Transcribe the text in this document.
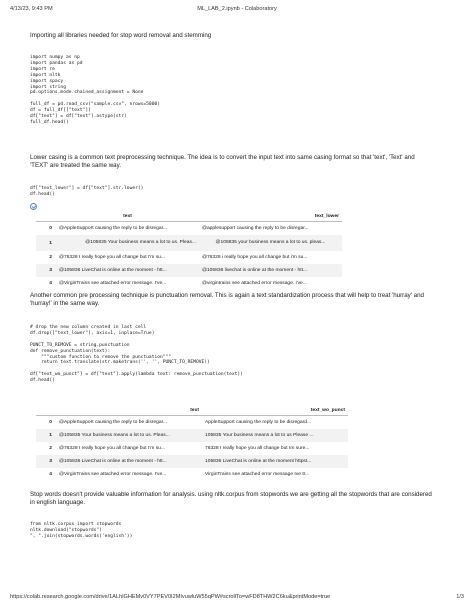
4/13/23, 9:43 PM	ML_LAB_2.ipynb - Colaboratory
Importing all libraries needed for stop word removal and stemming
import numpy as np
import pandas as pd
import re
import nltk
import spacy
import string
pd.options.mode.chained_assignment = None

full_df = pd.read_csv("sample.csv", nrows=5000)
df = full_df[["text"]]
df["text"] = df["text"].astype(str)
full_df.head()
Lower casing is a common text preprocessing technique. The idea is to convert the input text into same casing format so that 'text', 'Text' and 'TEXT' are treated the same way.
df["text_lower"] = df["text"].str.lower()
df.head()
	text	text_lower
0	@AppleSupport causing the reply to be disregar...	@applesupport causing the reply to be disregar...
1	@105835 Your business means a lot to us. Pleas...	@105835 your business means a lot to us. pleas...
2	@76328 I really hope you all change but I'm su...	@76328 i really hope you all change but i'm su...
3	@105836 LiveChat is online at the moment - htt...	@105836 livechat is online at the moment - htt...
4	@VirginTrains see attached error message. I've...	@virgintrains see attached error message. i've...
Another common pre processing technique is punctuation removal. This is again a text standardization process that will help to treat 'hurray' and 'hurray!' in the same way.
# drop the new column created in last cell
df.drop(["text_lower"], axis=1, inplace=True)

PUNCT_TO_REMOVE = string.punctuation
def remove_punctuation(text):
"""custom function to remove the punctuation"""
return text.translate(str.maketrans('', '', PUNCT_TO_REMOVE))

df["text_wo_punct"] = df["text"].apply(lambda text: remove_punctuation(text))
df.head()
	text	text_wo_punct
0	@AppleSupport causing the reply to be disregar...	AppleSupport causing the reply to be disregard...
1	@105835 Your business means a lot to us. Pleas...	105835 Your business means a lot to us Please ...
2	@76328 I really hope you all change but I'm su...	76328 I really hope you all change but Im sure...
3	@105836 LiveChat is online at the moment - htt...	105836 LiveChat is online at the moment httpst...
4	@VirginTrains see attached error message. I've...	VirginTrains see attached error message Ive tr...
Stop words doesn't provide valuable information for analysis. using nltk.corpus from stopwords we are getting all the stopwords that are considered in english language.
from nltk.corpus import stopwords
nltk.download("stopwords")
", ".join(stopwords.words('english'))
https://colab.research.google.com/drive/1ALhlGHEMv0VY7PEV0I2MIvuwluW55qPW#scrollTo=wFD8THW2C6ku&printMode=true	1/3
